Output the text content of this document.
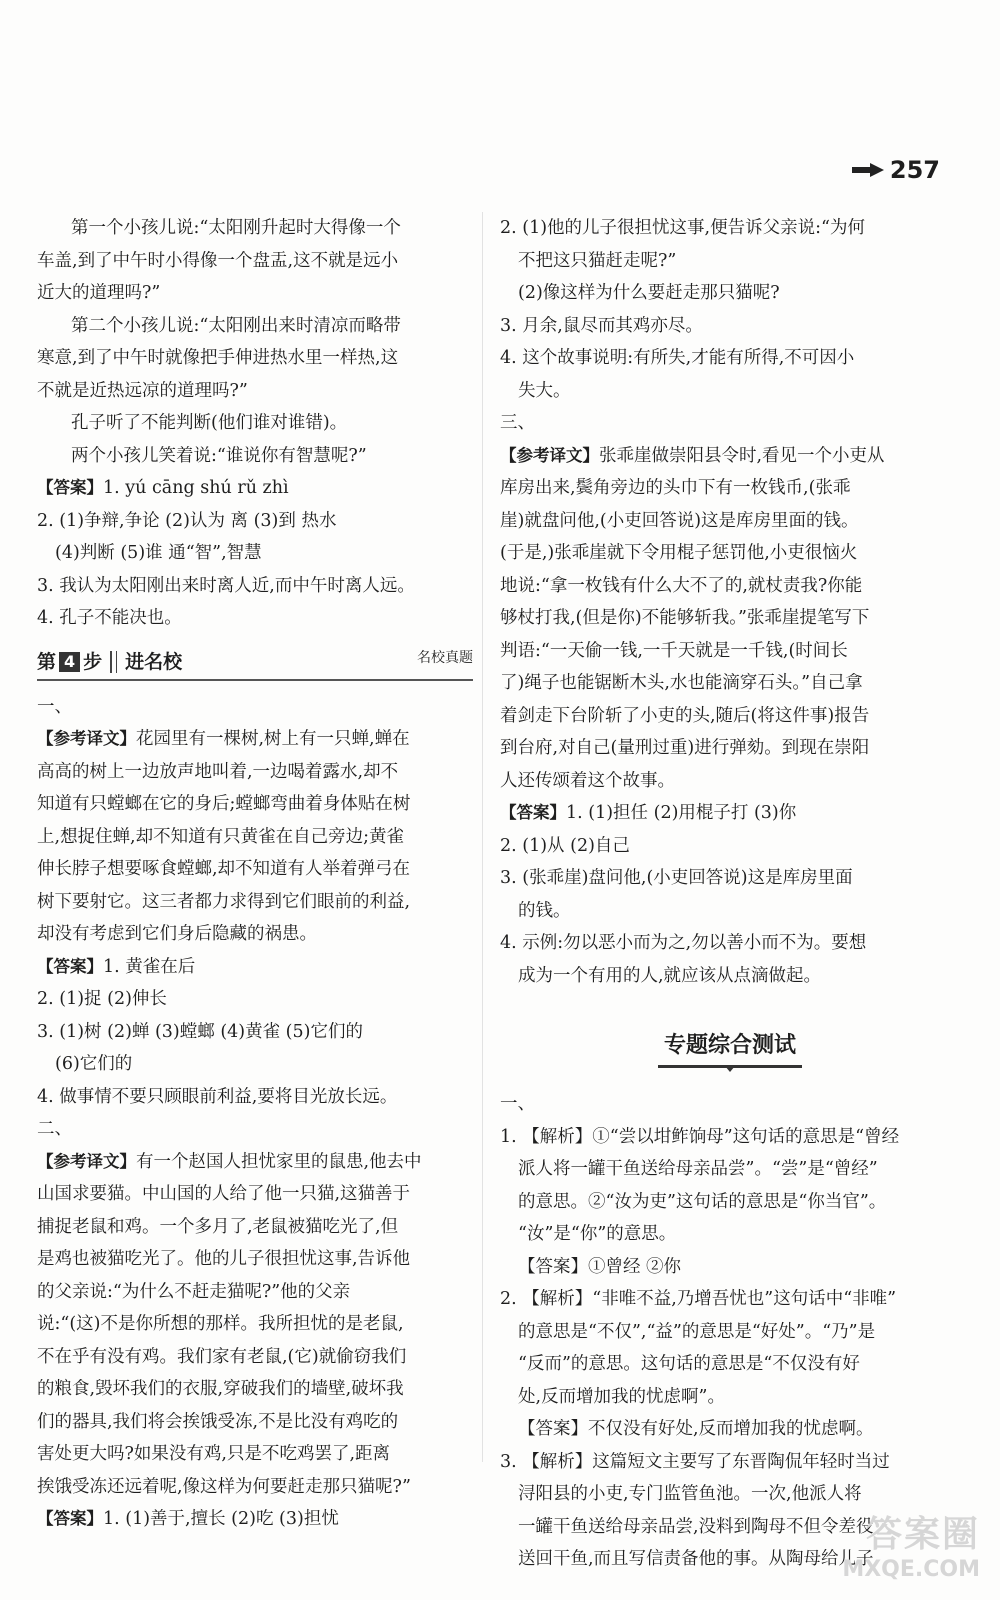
257
第一个小孩儿说:“太阳刚升起时大得像一个
车盖,到了中午时小得像一个盘盂,这不就是远小
近大的道理吗?”
第二个小孩儿说:“太阳刚出来时清凉而略带
寒意,到了中午时就像把手伸进热水里一样热,这
不就是近热远凉的道理吗?”
孔子听了不能判断(他们谁对谁错)。
两个小孩儿笑着说:“谁说你有智慧呢?”
【答案】1. yú cāng shú rǔ zhì
2. (1)争辩,争论 (2)认为 离 (3)到 热水
(4)判断 (5)谁 通“智”,智慧
3. 我认为太阳刚出来时离人近,而中午时离人远。
4. 孔子不能决也。
第 4 步 进名校	名校真题
一、
【参考译文】花园里有一棵树,树上有一只蝉,蝉在
高高的树上一边放声地叫着,一边喝着露水,却不
知道有只螳螂在它的身后;螳螂弯曲着身体贴在树
上,想捉住蝉,却不知道有只黄雀在自己旁边;黄雀
伸长脖子想要啄食螳螂,却不知道有人举着弹弓在
树下要射它。这三者都力求得到它们眼前的利益,
却没有考虑到它们身后隐藏的祸患。
【答案】1. 黄雀在后
2. (1)捉 (2)伸长
3. (1)树 (2)蝉 (3)螳螂 (4)黄雀 (5)它们的
(6)它们的
4. 做事情不要只顾眼前利益,要将目光放长远。
二、
【参考译文】有一个赵国人担忧家里的鼠患,他去中
山国求要猫。中山国的人给了他一只猫,这猫善于
捕捉老鼠和鸡。一个多月了,老鼠被猫吃光了,但
是鸡也被猫吃光了。他的儿子很担忧这事,告诉他
的父亲说:“为什么不赶走猫呢?”他的父亲
说:“(这)不是你所想的那样。我所担忧的是老鼠,
不在乎有没有鸡。我们家有老鼠,(它)就偷窃我们
的粮食,毁坏我们的衣服,穿破我们的墙壁,破坏我
们的器具,我们将会挨饿受冻,不是比没有鸡吃的
害处更大吗?如果没有鸡,只是不吃鸡罢了,距离
挨饿受冻还远着呢,像这样为何要赶走那只猫呢?”
【答案】1. (1)善于,擅长 (2)吃 (3)担忧
2. (1)他的儿子很担忧这事,便告诉父亲说:“为何
不把这只猫赶走呢?”
(2)像这样为什么要赶走那只猫呢?
3. 月余,鼠尽而其鸡亦尽。
4. 这个故事说明:有所失,才能有所得,不可因小
失大。
三、
【参考译文】张乖崖做崇阳县令时,看见一个小吏从
库房出来,鬓角旁边的头巾下有一枚钱币,(张乖
崖)就盘问他,(小吏回答说)这是库房里面的钱。
(于是,)张乖崖就下令用棍子惩罚他,小吏很恼火
地说:“拿一枚钱有什么大不了的,就杖责我?你能
够杖打我,(但是你)不能够斩我。”张乖崖提笔写下
判语:“一天偷一钱,一千天就是一千钱,(时间长
了)绳子也能锯断木头,水也能滴穿石头。”自己拿
着剑走下台阶斩了小吏的头,随后(将这件事)报告
到台府,对自己(量刑过重)进行弹劾。到现在崇阳
人还传颂着这个故事。
【答案】1. (1)担任 (2)用棍子打 (3)你
2. (1)从 (2)自己
3. (张乖崖)盘问他,(小吏回答说)这是库房里面
的钱。
4. 示例:勿以恶小而为之,勿以善小而不为。要想
成为一个有用的人,就应该从点滴做起。
专题综合测试
一、
1. 【解析】①“尝以坩鲊饷母”这句话的意思是“曾经
派人将一罐干鱼送给母亲品尝”。“尝”是“曾经”
的意思。②“汝为吏”这句话的意思是“你当官”。
“汝”是“你”的意思。
【答案】①曾经 ②你
2. 【解析】“非唯不益,乃增吾忧也”这句话中“非唯”
的意思是“不仅”,“益”的意思是“好处”。“乃”是
“反而”的意思。这句话的意思是“不仅没有好
处,反而增加我的忧虑啊”。
【答案】不仅没有好处,反而增加我的忧虑啊。
3. 【解析】这篇短文主要写了东晋陶侃年轻时当过
浔阳县的小吏,专门监管鱼池。一次,他派人将
一罐干鱼送给母亲品尝,没料到陶母不但令差役
送回干鱼,而且写信责备他的事。从陶母给儿子
答案圈
MXQE.COM
